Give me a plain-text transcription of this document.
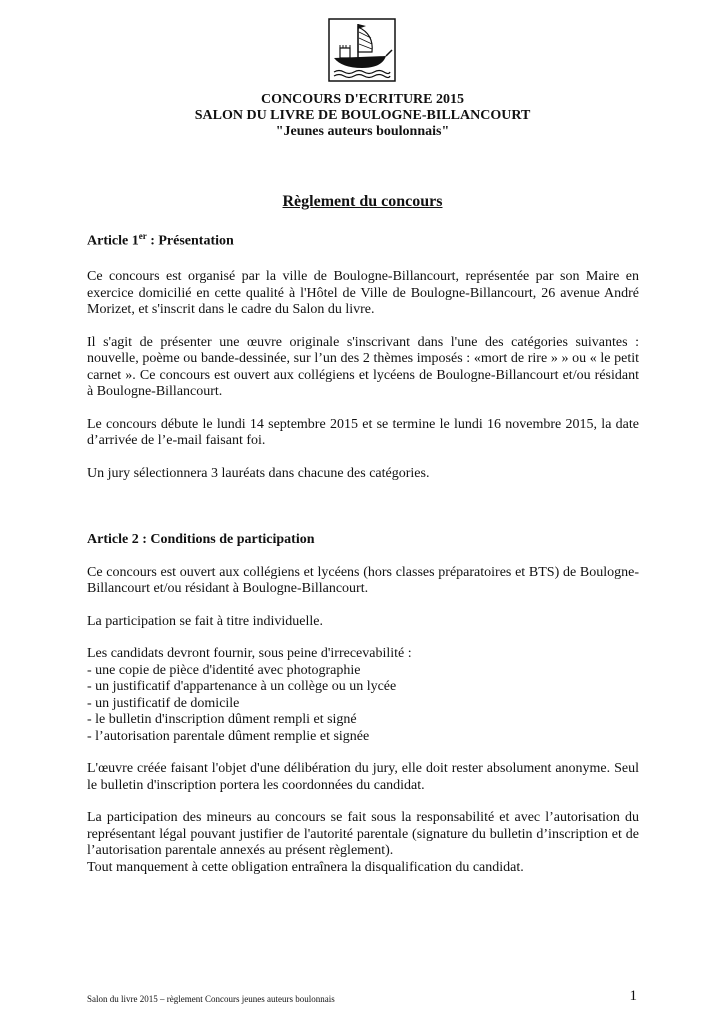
CONCOURS D'ECRITURE 2015
SALON DU LIVRE DE BOULOGNE-BILLANCOURT
"Jeunes auteurs boulonnais"
Règlement du concours

Article 1er : Présentation

Ce concours est organisé par la ville de Boulogne-Billancourt, représentée par son Maire en exercice domicilié en cette qualité à l'Hôtel de Ville de Boulogne-Billancourt, 26 avenue André Morizet, et s'inscrit dans le cadre du Salon du livre.

Il s'agit de présenter une œuvre originale s'inscrivant dans l'une des catégories suivantes : nouvelle, poème ou bande-dessinée, sur l’un des 2 thèmes imposés : «mort de rire » » ou « le petit carnet ». Ce concours est ouvert aux collégiens et lycéens de Boulogne-Billancourt et/ou résidant à Boulogne-Billancourt.

Le concours débute le lundi 14 septembre 2015 et se termine le lundi 16 novembre 2015, la date d’arrivée de l’e-mail faisant foi.

Un jury sélectionnera 3 lauréats dans chacune des catégories.

Article 2 : Conditions de participation

Ce concours est ouvert aux collégiens et lycéens (hors classes préparatoires et BTS) de Boulogne-Billancourt et/ou résidant à Boulogne-Billancourt.

La participation se fait à titre individuelle.

Les candidats devront fournir, sous peine d'irrecevabilité :

- une copie de pièce d'identité avec photographie

- un justificatif d'appartenance à un collège ou un lycée

- un justificatif de domicile

- le bulletin d'inscription dûment rempli et signé

- l’autorisation parentale dûment remplie et signée

L'œuvre créée faisant l'objet d'une délibération du jury, elle doit rester absolument anonyme. Seul le bulletin d'inscription portera les coordonnées du candidat.

La participation des mineurs au concours se fait sous la responsabilité et avec l’autorisation du représentant légal pouvant justifier de l'autorité parentale (signature du bulletin d’inscription et de l’autorisation parentale annexés au présent règlement).

Tout manquement à cette obligation entraînera la disqualification du candidat.

Salon du livre 2015 – règlement Concours jeunes auteurs boulonnais	1
